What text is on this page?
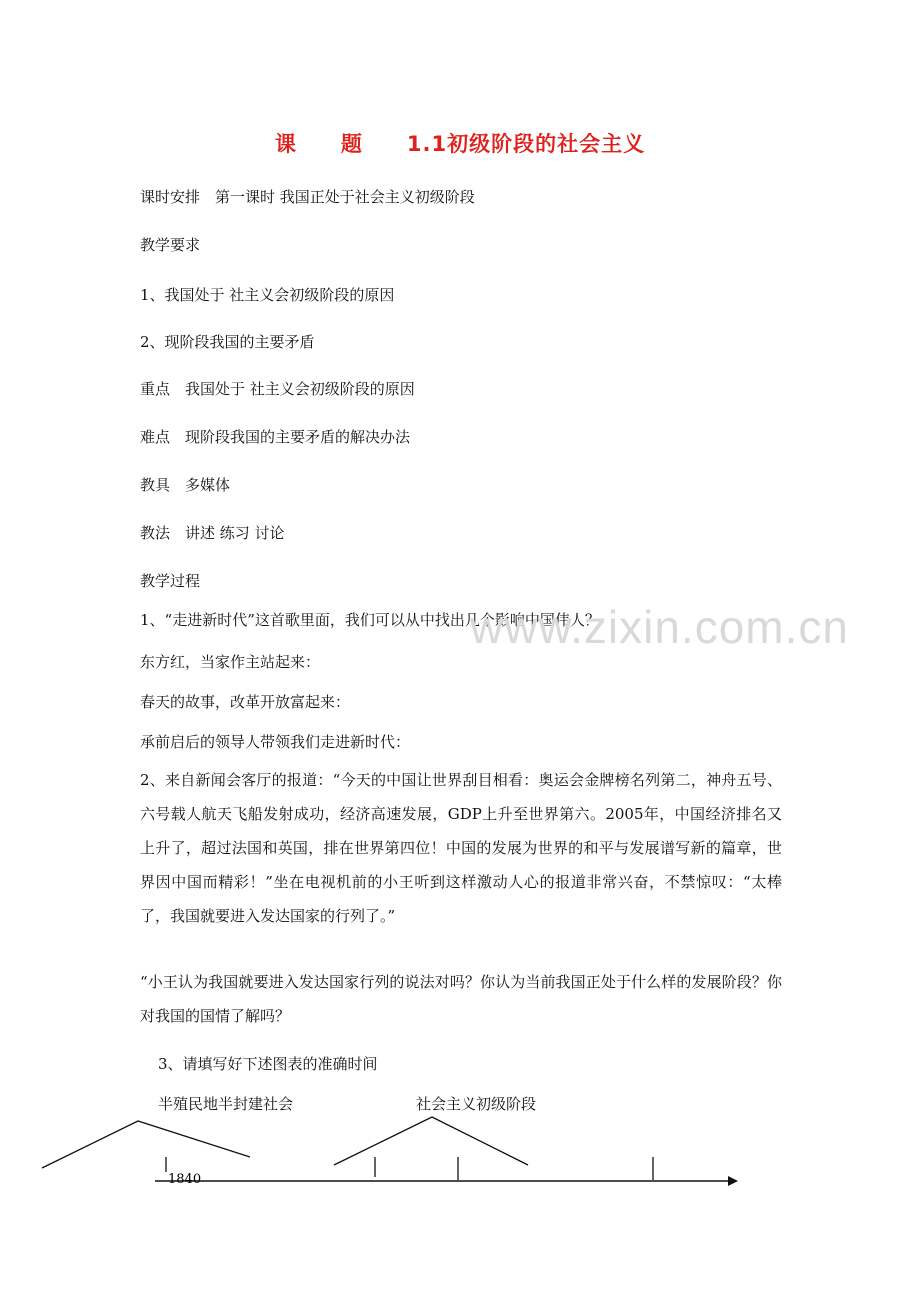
课 题 1.1初级阶段的社会主义
课时安排　第一课时 我国正处于社会主义初级阶段
教学要求
1、我国处于 社主义会初级阶段的原因
2、现阶段我国的主要矛盾
重点　我国处于 社主义会初级阶段的原因
难点　现阶段我国的主要矛盾的解决办法
教具　多媒体
教法　讲述 练习 讨论
教学过程
1、“走进新时代”这首歌里面，我们可以从中找出几个影响中国伟人？
东方红，当家作主站起来：
春天的故事，改革开放富起来：
承前启后的领导人带领我们走进新时代：
2、来自新闻会客厅的报道：“今天的中国让世界刮目相看：奥运会金牌榜名列第二，神舟五号、六号载人航天飞船发射成功，经济高速发展，GDP上升至世界第六。2005年，中国经济排名又上升了，超过法国和英国，排在世界第四位！中国的发展为世界的和平与发展谱写新的篇章，世界因中国而精彩！”坐在电视机前的小王听到这样激动人心的报道非常兴奋，不禁惊叹：“太棒了，我国就要进入发达国家的行列了。”
“小王认为我国就要进入发达国家行列的说法对吗？你认为当前我国正处于什么样的发展阶段？你对我国的国情了解吗？
3、请填写好下述图表的准确时间
www.zixin.com.cn
半殖民地半封建社会	社会主义初级阶段
1840
